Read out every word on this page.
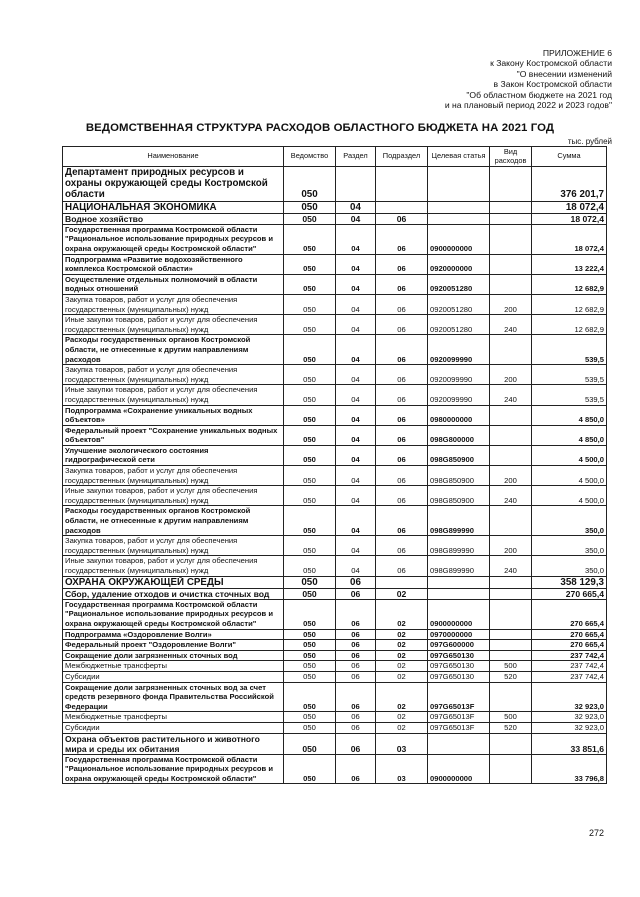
ПРИЛОЖЕНИЕ 6
к Закону Костромской области
"О внесении изменений
в Закон Костромской области
"Об областном бюджете на 2021 год
и на плановый период 2022 и 2023 годов"
ВЕДОМСТВЕННАЯ СТРУКТУРА РАСХОДОВ ОБЛАСТНОГО БЮДЖЕТА НА 2021 ГОД
тыс. рублей
Наименование	Ведомство	Раздел	Подраздел	Целевая статья	Вид расходов	Сумма
Департамент природных ресурсов и охраны окружающей среды Костромской области	050					376 201,7
НАЦИОНАЛЬНАЯ ЭКОНОМИКА	050	04				18 072,4
Водное хозяйство	050	04	06			18 072,4
Государственная программа Костромской области "Рациональное использование природных ресурсов и охрана окружающей среды Костромской области"	050	04	06	0900000000		18 072,4
Подпрограмма «Развитие водохозяйственного комплекса Костромской области»	050	04	06	0920000000		13 222,4
Осуществление отдельных полномочий в области водных отношений	050	04	06	0920051280		12 682,9
Закупка товаров, работ и услуг для обеспечения государственных (муниципальных) нужд	050	04	06	0920051280	200	12 682,9
Иные закупки товаров, работ и услуг для обеспечения государственных (муниципальных) нужд	050	04	06	0920051280	240	12 682,9
Расходы государственных органов Костромской области, не отнесенные к другим направлениям расходов	050	04	06	0920099990		539,5
Закупка товаров, работ и услуг для обеспечения государственных (муниципальных) нужд	050	04	06	0920099990	200	539,5
Иные закупки товаров, работ и услуг для обеспечения государственных (муниципальных) нужд	050	04	06	0920099990	240	539,5
Подпрограмма «Сохранение уникальных водных объектов»	050	04	06	0980000000		4 850,0
Федеральный проект "Сохранение уникальных водных объектов"	050	04	06	098G800000		4 850,0
Улучшение экологического состояния гидрографической сети	050	04	06	098G850900		4 500,0
Закупка товаров, работ и услуг для обеспечения государственных (муниципальных) нужд	050	04	06	098G850900	200	4 500,0
Иные закупки товаров, работ и услуг для обеспечения государственных (муниципальных) нужд	050	04	06	098G850900	240	4 500,0
Расходы государственных органов Костромской области, не отнесенные к другим направлениям расходов	050	04	06	098G899990		350,0
Закупка товаров, работ и услуг для обеспечения государственных (муниципальных) нужд	050	04	06	098G899990	200	350,0
Иные закупки товаров, работ и услуг для обеспечения государственных (муниципальных) нужд	050	04	06	098G899990	240	350,0
ОХРАНА ОКРУЖАЮЩЕЙ СРЕДЫ	050	06				358 129,3
Сбор, удаление отходов и очистка сточных вод	050	06	02			270 665,4
Государственная программа Костромской области "Рациональное использование природных ресурсов и охрана окружающей среды Костромской области"	050	06	02	0900000000		270 665,4
Подпрограмма «Оздоровление Волги»	050	06	02	0970000000		270 665,4
Федеральный проект "Оздоровление Волги"	050	06	02	097G600000		270 665,4
Сокращение доли загрязненных сточных вод	050	06	02	097G650130		237 742,4
Межбюджетные трансферты	050	06	02	097G650130	500	237 742,4
Субсидии	050	06	02	097G650130	520	237 742,4
Сокращение доли загрязненных сточных вод за счет средств резервного фонда Правительства Российской Федерации	050	06	02	097G65013F		32 923,0
Межбюджетные трансферты	050	06	02	097G65013F	500	32 923,0
Субсидии	050	06	02	097G65013F	520	32 923,0
Охрана объектов растительного и животного мира и среды их обитания	050	06	03			33 851,6
Государственная программа Костромской области "Рациональное использование природных ресурсов и охрана окружающей среды Костромской области"	050	06	03	0900000000		33 796,8
272
